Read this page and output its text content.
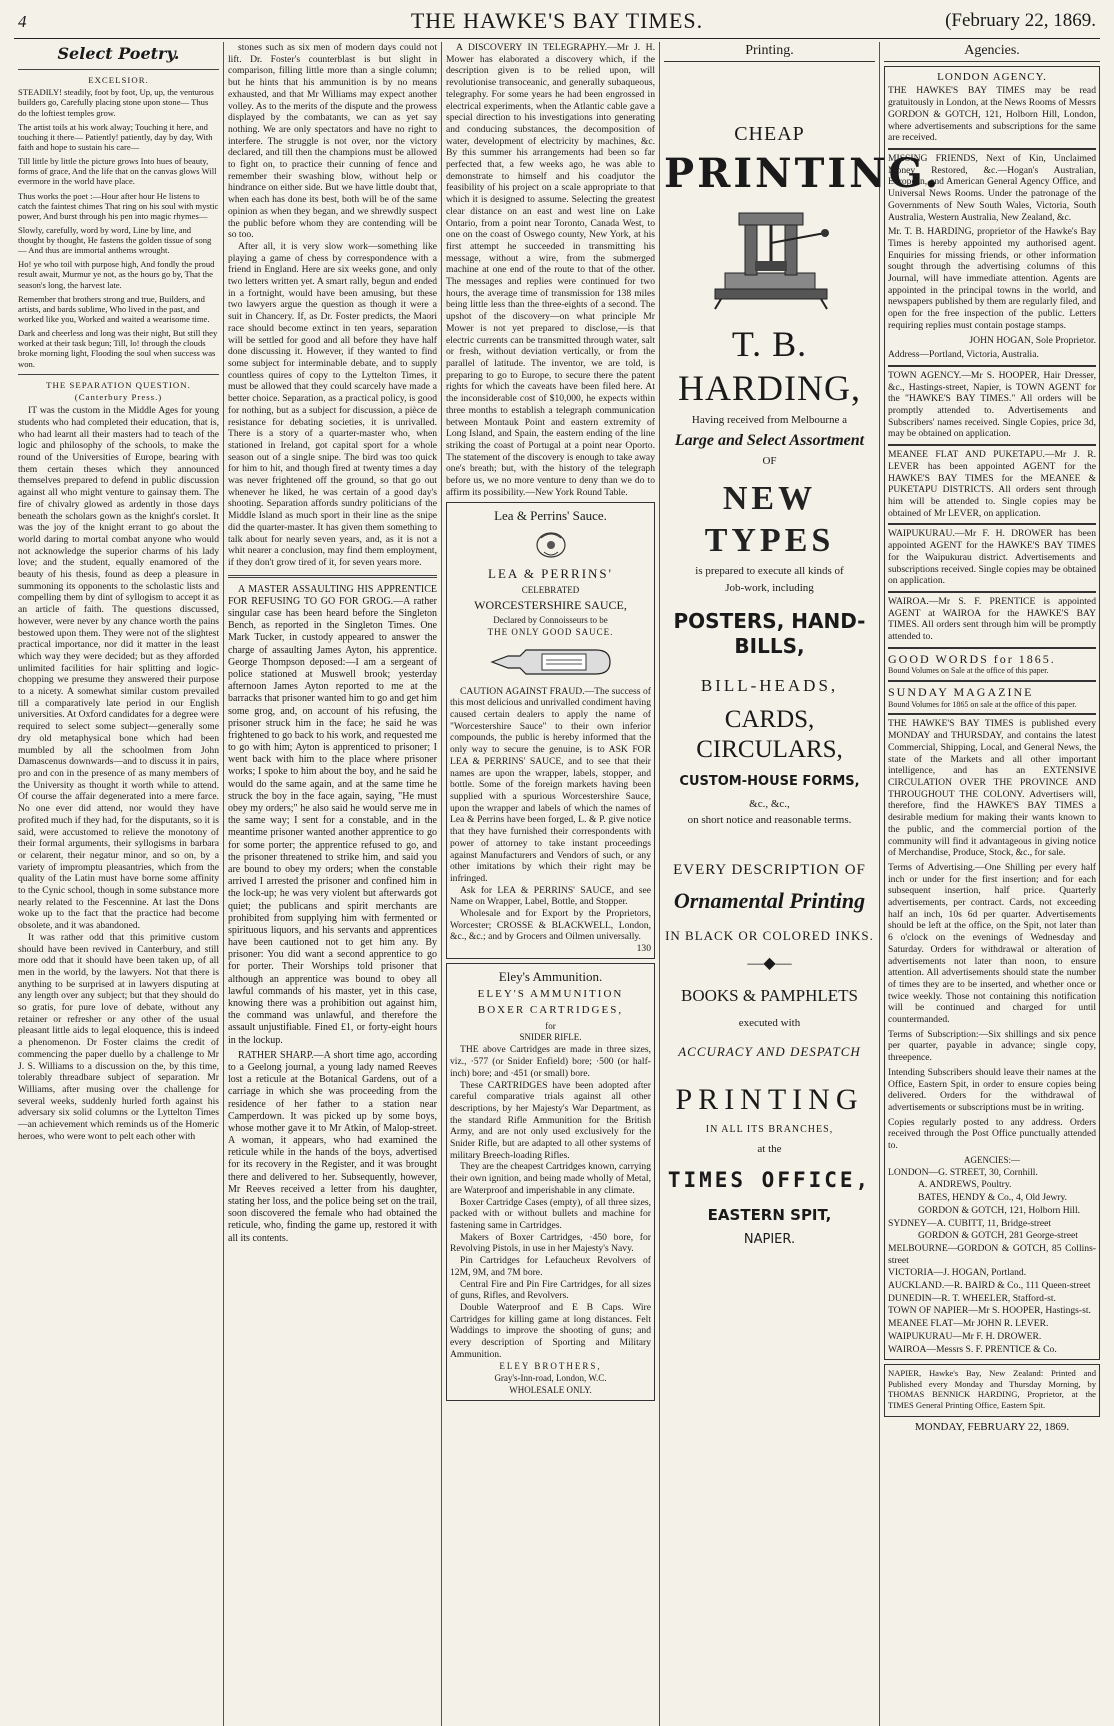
4	THE HAWKE'S BAY TIMES.	(February 22, 1869.
Select Poetry.
EXCELSIOR.

STEADILY! steadily, foot by foot, Up, up, the venturous builders go, Carefully placing stone upon stone— Thus do the loftiest temples grow.

The artist toils at his work alway; Touching it here, and touching it there— Patiently! patiently, day by day, With faith and hope to sustain his care—

Till little by little the picture grows Into hues of beauty, forms of grace, And the life that on the canvas glows Will evermore in the world have place.

Thus works the poet :—Hour after hour He listens to catch the faintest chimes That ring on his soul with mystic power, And burst through his pen into magic rhymes—

Slowly, carefully, word by word, Line by line, and thought by thought, He fastens the golden tissue of song— And thus are immortal anthems wrought.

Ho! ye who toil with purpose high, And fondly the proud result await, Murmur ye not, as the hours go by, That the season's long, the harvest late.

Remember that brothers strong and true, Builders, and artists, and bards sublime, Who lived in the past, and worked like you, Worked and waited a wearisome time.

Dark and cheerless and long was their night, But still they worked at their task begun; Till, lo! through the clouds broke morning light, Flooding the soul when success was won.

THE SEPARATION QUESTION.
(Canterbury Press.)

IT was the custom in the Middle Ages for young students who had completed their education, that is, who had learnt all their masters had to teach of the logic and philosophy of the schools, to make the round of the Universities of Europe, bearing with them certain theses which they announced themselves prepared to defend in public discussion against all who might venture to gainsay them. The fire of chivalry glowed as ardently in those days beneath the scholars gown as the knight's corslet. It was the joy of the knight errant to go about the world daring to mortal combat anyone who would not acknowledge the superior charms of his lady love; and the student, equally enamored of the beauty of his thesis, found as deep a pleasure in summoning its opponents to the scholastic lists and compelling them by dint of syllogism to accept it as an article of faith. The questions discussed, however, were never by any chance worth the pains bestowed upon them. They were not of the slightest practical importance, nor did it matter in the least which way they were decided; but as they afforded unlimited facilities for hair splitting and logic-chopping we presume they answered their purpose to a nicety. A somewhat similar custom prevailed till a comparatively late period in our English universities. At Oxford candidates for a degree were required to select some subject—generally some dry old metaphysical bone which had been mumbled by all the schoolmen from John Damascenus downwards—and to discuss it in pairs, pro and con in the presence of as many members of the University as thought it worth while to attend. Of course the affair degenerated into a mere farce. No one ever did attend, nor would they have profited much if they had, for the disputants, so it is said, were accustomed to relieve the monotony of their formal arguments, their syllogisms in barbara or celarent, their negatur minor, and so on, by a variety of impromptu pleasantries, which from the quality of the Latin must have borne some affinity to the Cynic school, though in some substance more nearly related to the Fescennine. At last the Dons woke up to the fact that the practice had become obsolete, and it was abandoned.

It was rather odd that this primitive custom should have been revived in Canterbury, and still more odd that it should have been taken up, of all men in the world, by the lawyers. Not that there is anything to be surprised at in lawyers disputing at any length over any subject; but that they should do so gratis, for pure love of debate, without any retainer or refresher or any other of the usual pleasant little aids to legal eloquence, this is indeed a phenomenon. Dr Foster claims the credit of commencing the paper duello by a challenge to Mr J. S. Williams to a discussion on the, by this time, tolerably threadbare subject of separation. Mr Williams, after musing over the challenge for several weeks, suddenly hurled forth against his adversary six solid columns or the Lyttelton Times—an achievement which reminds us of the Homeric heroes, who were wont to pelt each other with

stones such as six men of modern days could not lift. Dr. Foster's counterblast is but slight in comparison, filling little more than a single column; but he hints that his ammunition is by no means exhausted, and that Mr Williams may expect another volley. As to the merits of the dispute and the prowess displayed by the combatants, we can as yet say nothing. We are only spectators and have no right to interfere. The struggle is not over, nor the victory declared, and till then the champions must be allowed to fight on, to practice their cunning of fence and remember their swashing blow, without help or hindrance on either side. But we have little doubt that, when each has done its best, both will be of the same opinion as when they began, and we shrewdly suspect the public before whom they are contending will be so too.

After all, it is very slow work—something like playing a game of chess by correspondence with a friend in England. Here are six weeks gone, and only two letters written yet. A smart rally, begun and ended in a fortnight, would have been amusing, but these two lawyers argue the question as though it were a suit in Chancery. If, as Dr. Foster predicts, the Maori race should become extinct in ten years, separation will be settled for good and all before they have half done discussing it. However, if they wanted to find some subject for interminable debate, and to supply countless quires of copy to the Lyttelton Times, it must be allowed that they could scarcely have made a better choice. Separation, as a practical policy, is good for nothing, but as a subject for discussion, a pièce de resistance for debating societies, it is unrivalled. There is a story of a quarter-master who, when stationed in Ireland, got capital sport for a whole season out of a single snipe. The bird was too quick for him to hit, and though fired at twenty times a day was never frightened off the ground, so that go out whenever he liked, he was certain of a good day's shooting. Separation affords sundry politicians of the Middle Island as much sport in their line as the snipe did the quarter-master. It has given them something to talk about for nearly seven years, and, as it is not a whit nearer a conclusion, may find them employment, if they don't grow tired of it, for seven years more.

A MASTER ASSAULTING HIS APPRENTICE FOR REFUSING TO GO FOR GROG.—A rather singular case has been heard before the Singleton Bench, as reported in the Singleton Times. One Mark Tucker, in custody appeared to answer the charge of assaulting James Ayton, his apprentice. George Thompson deposed:—I am a sergeant of police stationed at Muswell brook; yesterday afternoon James Ayton reported to me at the barracks that prisoner wanted him to go and get him some grog, and, on account of his refusing, the prisoner struck him in the face; he said he was frightened to go back to his work, and requested me to go with him; Ayton is apprenticed to prisoner; I went back with him to the place where prisoner works; I spoke to him about the boy, and he said he would do the same again, and at the same time he struck the boy in the face again, saying, "He must obey my orders;" he also said he would serve me in the same way; I sent for a constable, and in the meantime prisoner wanted another apprentice to go for some porter; the apprentice refused to go, and the prisoner threatened to strike him, and said you are bound to obey my orders; when the constable arrived I arrested the prisoner and confined him in the lock-up; he was very violent but afterwards got quiet; the publicans and spirit merchants are prohibited from supplying him with fermented or spirituous liquors, and his servants and apprentices have been cautioned not to get him any. By prisoner: You did want a second apprentice to go for porter. Their Worships told prisoner that although an apprentice was bound to obey all lawful commands of his master, yet in this case, knowing there was a prohibition out against him, the command was unlawful, and therefore the assault unjustifiable. Fined £1, or forty-eight hours in the lockup.

RATHER SHARP.—A short time ago, according to a Geelong journal, a young lady named Reeves lost a reticule at the Botanical Gardens, out of a carriage in which she was proceeding from the residence of her father to a station near Camperdown. It was picked up by some boys, whose mother gave it to Mr Atkin, of Malop-street. A woman, it appears, who had examined the reticule while in the hands of the boys, advertised for its recovery in the Register, and it was brought there and delivered to her. Subsequently, however, Mr Reeves received a letter from his daughter, stating her loss, and the police being set on the trail, soon discovered the female who had obtained the reticule, who, finding the game up, restored it with all its contents.

A DISCOVERY IN TELEGRAPHY.—Mr J. H. Mower has elaborated a discovery which, if the description given is to be relied upon, will revolutionise transoceanic, and generally subaqueous, telegraphy. For some years he had been engrossed in electrical experiments, when the Atlantic cable gave a special direction to his investigations into generating and conducing substances, the decomposition of water, development of electricity by machines, &c. By this summer his arrangements had been so far perfected that, a few weeks ago, he was able to demonstrate to himself and his coadjutor the feasibility of his project on a scale appropriate to that which it is designed to assume. Selecting the greatest clear distance on an east and west line on Lake Ontario, from a point near Toronto, Canada West, to one on the coast of Oswego county, New York, at his first attempt he succeeded in transmitting his message, without a wire, from the submerged machine at one end of the route to that of the other. The messages and replies were continued for two hours, the average time of transmission for 138 miles being little less than the three-eights of a second. The upshot of the discovery—on what principle Mr Mower is not yet prepared to disclose,—is that electric currents can be transmitted through water, salt or fresh, without deviation vertically, or from the parallel of latitude. The inventor, we are told, is preparing to go to Europe, to secure there the patent rights for which the caveats have been filed here. At the inconsiderable cost of $10,000, he expects within three months to establish a telegraph communication between Montauk Point and eastern extremity of Long Island, and Spain, the eastern ending of the line striking the coast of Portugal at a point near Oporto. The statement of the discovery is enough to take away one's breath; but, with the history of the telegraph before us, we no more venture to deny than we do to affirm its possibility.—New York Round Table.

Lea & Perrins' Sauce.
LEA & PERRINS'
CELEBRATED
WORCESTERSHIRE SAUCE,
Declared by Connoisseurs to be
THE ONLY GOOD SAUCE.

CAUTION AGAINST FRAUD.—The success of this most delicious and unrivalled condiment having caused certain dealers to apply the name of "Worcestershire Sauce" to their own inferior compounds, the public is hereby informed that the only way to secure the genuine, is to ASK FOR LEA & PERRINS' SAUCE, and to see that their names are upon the wrapper, labels, stopper, and bottle. Some of the foreign markets having been supplied with a spurious Worcestershire Sauce, upon the wrapper and labels of which the names of Lea & Perrins have been forged, L. & P. give notice that they have furnished their correspondents with power of attorney to take instant proceedings against Manufacturers and Vendors of such, or any other imitations by which their right may be infringed.

Ask for LEA & PERRINS' SAUCE, and see Name on Wrapper, Label, Bottle, and Stopper.

Wholesale and for Export by the Proprietors, Worcester; CROSSE & BLACKWELL, London, &c., &c.; and by Grocers and Oilmen universally.

130
Eley's Ammunition.
ELEY'S AMMUNITION
BOXER CARTRIDGES,
for
SNIDER RIFLE.

THE above Cartridges are made in three sizes, viz., ·577 (or Snider Enfield) bore; ·500 (or half-inch) bore; and ·451 (or small) bore.

These CARTRIDGES have been adopted after careful comparative trials against all other descriptions, by her Majesty's War Department, as the standard Rifle Ammunition for the British Army, and are not only used exclusively for the Snider Rifle, but are adapted to all other systems of military Breech-loading Rifles.

They are the cheapest Cartridges known, carrying their own ignition, and being made wholly of Metal, are Waterproof and imperishable in any climate.

Boxer Cartridge Cases (empty), of all three sizes, packed with or without bullets and machine for fastening same in Cartridges.

Makers of Boxer Cartridges, ·450 bore, for Revolving Pistols, in use in her Majesty's Navy.

Pin Cartridges for Lefaucheux Revolvers of 12M, 9M, and 7M bore.

Central Fire and Pin Fire Cartridges, for all sizes of guns, Rifles, and Revolvers.

Double Waterproof and E B Caps. Wire Cartridges for killing game at long distances. Felt Waddings to improve the shooting of guns; and every description of Sporting and Military Ammunition.

ELEY BROTHERS,
Gray's-Inn-road, London, W.C.
WHOLESALE ONLY.
Printing.
CHEAP
PRINTING.
T. B. HARDING,
Having received from Melbourne a
Large and Select Assortment
OF
NEW TYPES
is prepared to execute all kinds of
Job-work, including
POSTERS, HAND-BILLS,
BILL-HEADS,
CARDS, CIRCULARS,
CUSTOM-HOUSE FORMS,
&c., &c.,
on short notice and reasonable terms.
EVERY DESCRIPTION OF
Ornamental Printing
IN BLACK OR COLORED INKS.
—◆—
BOOKS & PAMPHLETS
executed with
ACCURACY AND DESPATCH
PRINTING
IN ALL ITS BRANCHES,
at the
TIMES OFFICE,
EASTERN SPIT,
NAPIER.
Agencies.
LONDON AGENCY.

THE HAWKE'S BAY TIMES may be read gratuitously in London, at the News Rooms of Messrs GORDON & GOTCH, 121, Holborn Hill, London, where advertisements and subscriptions for the same are received.

MISSING FRIENDS, Next of Kin, Unclaimed Money Restored, &c.—Hogan's Australian, European, and American General Agency Office, and Universal News Rooms. Under the patronage of the Governments of New South Wales, Victoria, South Australia, Western Australia, New Zealand, &c.

Mr. T. B. HARDING, proprietor of the Hawke's Bay Times is hereby appointed my authorised agent. Enquiries for missing friends, or other information sought through the advertising columns of this Journal, will have immediate attention. Agents are appointed in the principal towns in the world, and newspapers published by them are regularly filed, and open for the free inspection of the public. Letters requiring replies must contain postage stamps.

JOHN HOGAN, Sole Proprietor.

Address—Portland, Victoria, Australia.

TOWN AGENCY.—Mr S. HOOPER, Hair Dresser, &c., Hastings-street, Napier, is TOWN AGENT for the "HAWKE'S BAY TIMES." All orders will be promptly attended to. Advertisements and Subscribers' names received. Single Copies, price 3d, may be obtained on application.

MEANEE FLAT AND PUKETAPU.—Mr J. R. LEVER has been appointed AGENT for the HAWKE'S BAY TIMES for the MEANEE & PUKETAPU DISTRICTS. All orders sent through him will be attended to. Single copies may be obtained of Mr LEVER, on application.

WAIPUKURAU.—Mr F. H. DROWER has been appointed AGENT for the HAWKE'S BAY TIMES for the Waipukurau district. Advertisements and subscriptions received. Single copies may be obtained on application.

WAIROA.—Mr S. F. PRENTICE is appointed AGENT at WAIROA for the HAWKE'S BAY TIMES. All orders sent through him will be promptly attended to.

GOOD WORDS for 1865.
Bound Volumes on Sale at the office of this paper.
SUNDAY MAGAZINE
Bound Volumes for 1865 on sale at the office of this paper.

THE HAWKE'S BAY TIMES is published every MONDAY and THURSDAY, and contains the latest Commercial, Shipping, Local, and General News, the state of the Markets and all other important intelligence, and has an EXTENSIVE CIRCULATION OVER THE PROVINCE AND THROUGHOUT THE COLONY. Advertisers will, therefore, find the HAWKE'S BAY TIMES a desirable medium for making their wants known to the public, and the commercial portion of the community will find it advantageous in giving notice of Merchandise, Produce, Stock, &c., for sale.

Terms of Advertising.—One Shilling per every half inch or under for the first insertion; and for each subsequent insertion, half price. Quarterly advertisements, per contract. Cards, not exceeding half an inch, 10s 6d per quarter. Advertisements should be left at the office, on the Spit, not later than 6 o'clock on the evenings of Wednesday and Saturday. Orders for withdrawal or alteration of advertisements not later than noon, to ensure attention. All advertisements should state the number of times they are to be inserted, and whether once or twice weekly. Those not containing this notification will be continued and charged for until countermanded.

Terms of Subscription:—Six shillings and six pence per quarter, payable in advance; single copy, threepence.

Intending Subscribers should leave their names at the Office, Eastern Spit, in order to ensure copies being delivered. Orders for the withdrawal of advertisements or subscriptions must be in writing.

Copies regularly posted to any address. Orders received through the Post Office punctually attended to.

AGENCIES:—

LONDON—G. STREET, 30, Cornhill.

A. ANDREWS, Poultry.

BATES, HENDY & Co., 4, Old Jewry.

GORDON & GOTCH, 121, Holborn Hill.

SYDNEY—A. CUBITT, 11, Bridge-street

GORDON & GOTCH, 281 George-street

MELBOURNE—GORDON & GOTCH, 85 Collins-street

VICTORIA—J. HOGAN, Portland.

AUCKLAND.—R. BAIRD & Co., 111 Queen-street

DUNEDIN—R. T. WHEELER, Stafford-st.

TOWN OF NAPIER—Mr S. HOOPER, Hastings-st.

MEANEE FLAT—Mr JOHN R. LEVER.

WAIPUKURAU—Mr F. H. DROWER.

WAIROA—Messrs S. F. PRENTICE & Co.

NAPIER, Hawke's Bay, New Zealand: Printed and Published every Monday and Thursday Morning, by THOMAS BENNICK HARDING, Proprietor, at the TIMES General Printing Office, Eastern Spit.

MONDAY, FEBRUARY 22, 1869.
